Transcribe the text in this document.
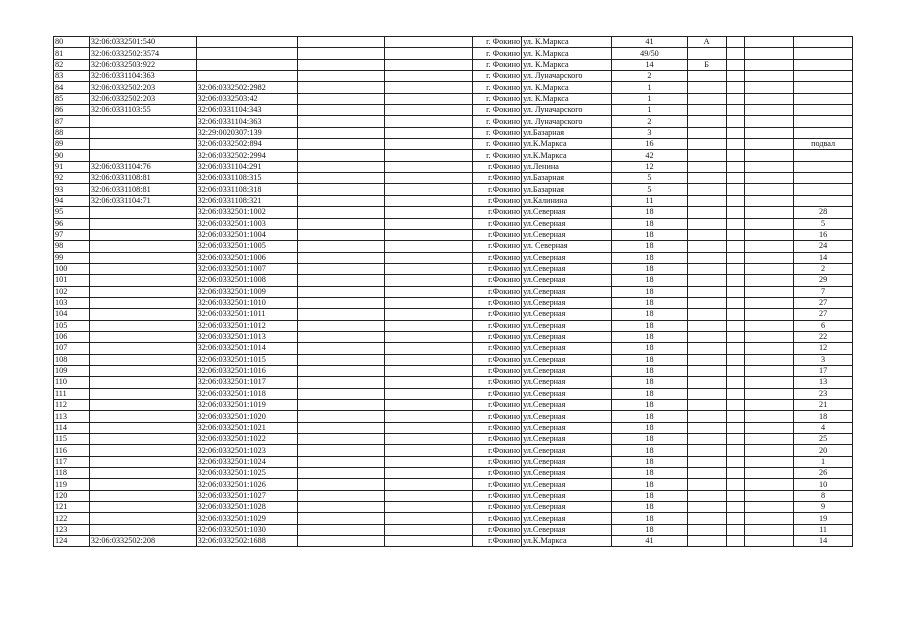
80	32:06:0332501:540				г. Фокино	ул. К.Маркса	41	А			
81	32:06:0332502:3574				г. Фокино	ул. К.Маркса	49/50				
82	32:06:0332503:922				г. Фокино	ул. К.Маркса	14	Б			
83	32:06:0331104:363				г. Фокино	ул. Луначарского	2				
84	32:06:0332502:203	32:06:0332502:2982			г. Фокино	ул. К.Маркса	1				
85	32:06:0332502:203	32:06:0332503:42			г. Фокино	ул. К.Маркса	1				
86	32:06:0331103:55	32:06:0331104:343			г. Фокино	ул. Луначарского	1				
87		32:06:0331104:363			г. Фокино	ул. Луначарского	2				
88		32:29:0020307:139			г. Фокино	ул.Базарная	3				
89		32:06:0332502:894			г. Фокино	ул.К.Маркса	16				подвал
90		32:06:0332502:2994			г. Фокино	ул.К.Маркса	42				
91	32:06:0331104:76	32:06:0331104:291			г.Фокино	ул.Ленина	12				
92	32:06:0331108:81	32:06:0331108:315			г.Фокино	ул.Базарная	5				
93	32:06:0331108:81	32:06:0331108:318			г.Фокино	ул.Базарная	5				
94	32:06:0331104:71	32:06:0331108:321			г.Фокино	ул.Калинина	11				
95		32:06:0332501:1002			г.Фокино	ул.Северная	18				28
96		32:06:0332501:1003			г.Фокино	ул.Северная	18				5
97		32:06:0332501:1004			г.Фокино	ул.Северная	18				16
98		32:06:0332501:1005			г.Фокино	ул. Северная	18				24
99		32:06:0332501:1006			г.Фокино	ул.Северная	18				14
100		32:06:0332501:1007			г.Фокино	ул.Северная	18				2
101		32:06:0332501:1008			г.Фокино	ул.Северная	18				29
102		32:06:0332501:1009			г.Фокино	ул.Северная	18				7
103		32:06:0332501:1010			г.Фокино	ул.Северная	18				27
104		32:06:0332501:1011			г.Фокино	ул.Северная	18				27
105		32:06:0332501:1012			г.Фокино	ул.Северная	18				6
106		32:06:0332501:1013			г.Фокино	ул.Северная	18				22
107		32:06:0332501:1014			г.Фокино	ул.Северная	18				12
108		32:06:0332501:1015			г.Фокино	ул.Северная	18				3
109		32:06:0332501:1016			г.Фокино	ул.Северная	18				17
110		32:06:0332501:1017			г.Фокино	ул.Северная	18				13
111		32:06:0332501:1018			г.Фокино	ул.Северная	18				23
112		32:06:0332501:1019			г.Фокино	ул.Северная	18				21
113		32:06:0332501:1020			г.Фокино	ул.Северная	18				18
114		32:06:0332501:1021			г.Фокино	ул.Северная	18				4
115		32:06:0332501:1022			г.Фокино	ул.Северная	18				25
116		32:06:0332501:1023			г.Фокино	ул.Северная	18				20
117		32:06:0332501:1024			г.Фокино	ул.Северная	18				1
118		32:06:0332501:1025			г.Фокино	ул.Северная	18				26
119		32:06:0332501:1026			г.Фокино	ул.Северная	18				10
120		32:06:0332501:1027			г.Фокино	ул.Северная	18				8
121		32:06:0332501:1028			г.Фокино	ул.Северная	18				9
122		32:06:0332501:1029			г.Фокино	ул.Северная	18				19
123		32:06:0332501:1030			г.Фокино	ул.Северная	18				11
124	32:06:0332502:208	32:06:0332502:1688			г.Фокино	ул.К.Маркса	41				14
